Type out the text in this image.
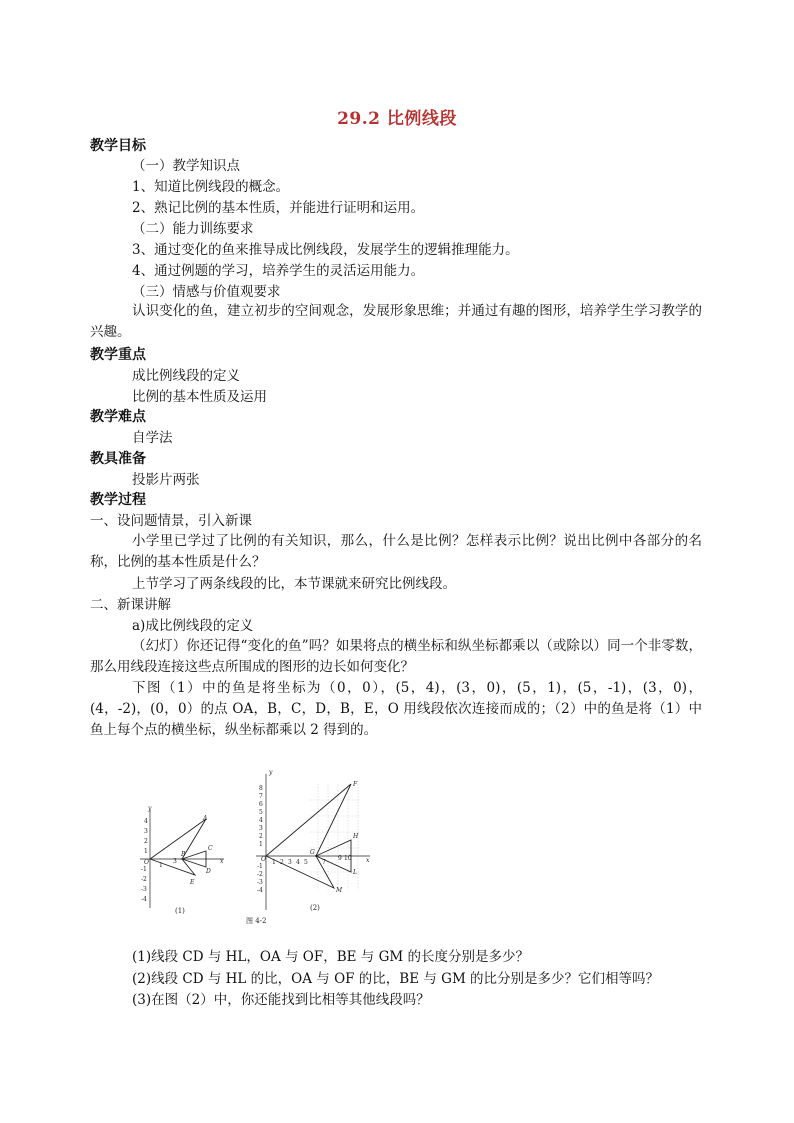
29.2 比例线段
教学目标
（一）教学知识点
1、知道比例线段的概念。
2、熟记比例的基本性质，并能进行证明和运用。
（二）能力训练要求
3、通过变化的鱼来推导成比例线段，发展学生的逻辑推理能力。
4、通过例题的学习，培养学生的灵活运用能力。
（三）情感与价值观要求
认识变化的鱼，建立初步的空间观念，发展形象思维；并通过有趣的图形，培养学生学习教学的兴趣。
教学重点
成比例线段的定义
比例的基本性质及运用
教学难点
自学法
教具准备
投影片两张
教学过程
一、设问题情景，引入新课
小学里已学过了比例的有关知识，那么，什么是比例？怎样表示比例？说出比例中各部分的名称，比例的基本性质是什么？
上节学习了两条线段的比，本节课就来研究比例线段。
二、新课讲解
a)成比例线段的定义
（幻灯）你还记得“变化的鱼”吗？如果将点的横坐标和纵坐标都乘以（或除以）同一个非零数，那么用线段连接这些点所围成的图形的边长如何变化？
下图（1）中的鱼是将坐标为（0，0），(5，4)，(3，0)，(5，1)，(5，-1)，(3，0)，(4，-2)，(0，0）的点 OA，B，C，D，B，E，O 用线段依次连接而成的；（2）中的鱼是将（1）中鱼上每个点的横坐标，纵坐标都乘以 2 得到的。
4
3
2
1
-1
-2
-3
-4
1
3
y
x
O
A
B
C
D
E
(1)
y
8
7
6
5
4
3
2
1
-1
-2
-3
-4
1 2 3 4 5 7
9 10 x
O
F
G
H
L
M
(2)
图 4-2
(1)线段 CD 与 HL，OA 与 OF，BE 与 GM 的长度分别是多少？
(2)线段 CD 与 HL 的比，OA 与 OF 的比，BE 与 GM 的比分别是多少？它们相等吗？
(3)在图（2）中，你还能找到比相等其他线段吗？
